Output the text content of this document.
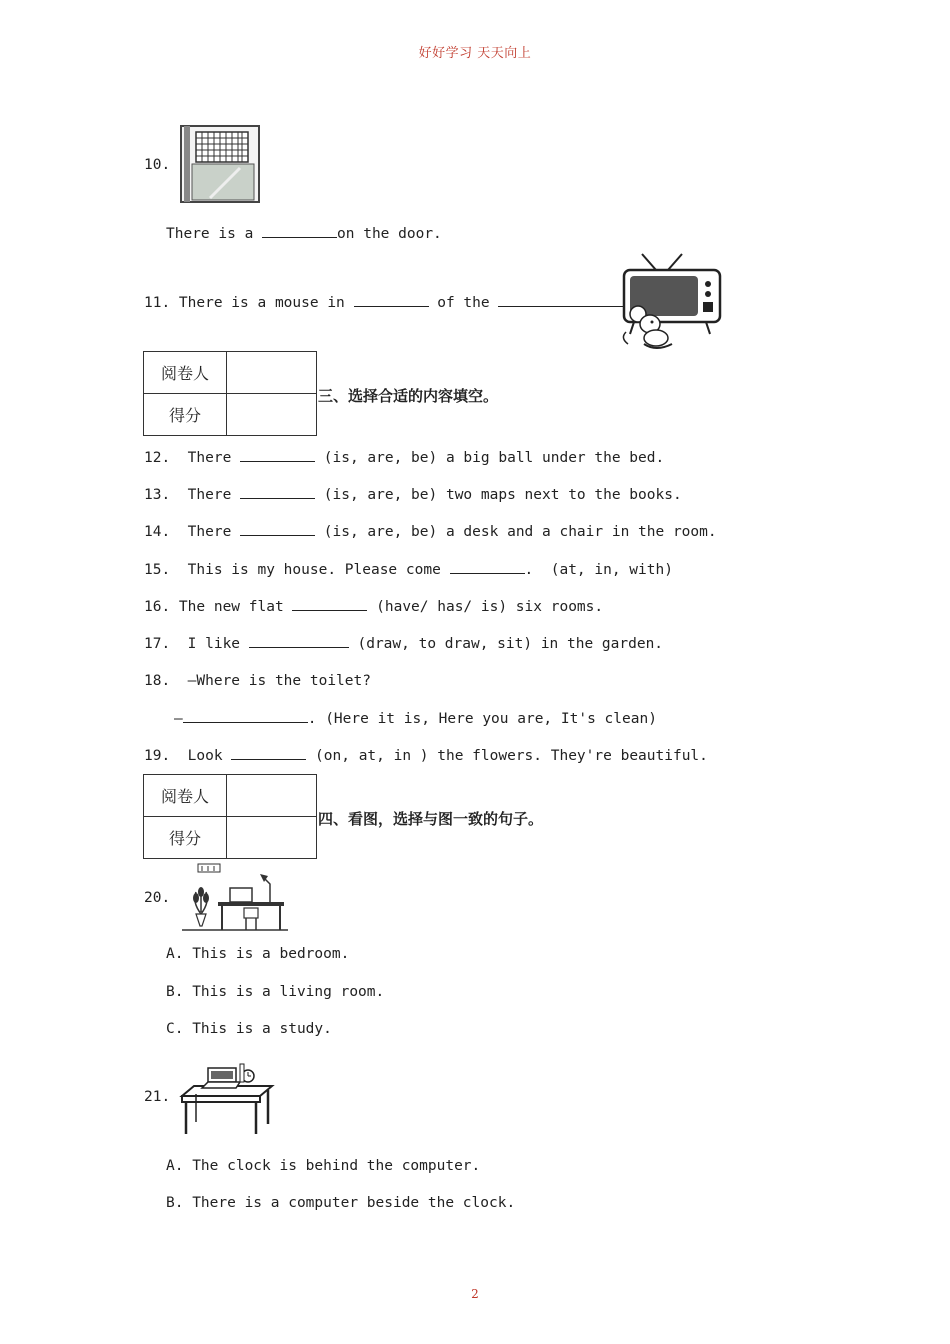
好好学习 天天向上
10.
There is a	on the door.
11. There is a mouse in	of the
阅卷人	
得分	
三、选择合适的内容填空。
12.  There	(is, are, be) a big ball under the bed.
13.  There	(is, are, be) two maps next to the books.
14.  There	(is, are, be) a desk and a chair in the room.
15.  This is my house. Please come	.  (at, in, with)
16. The new flat	(have/ has/ is) six rooms.
17.  I like	(draw, to draw, sit) in the garden.
18.  —Where is the toilet?
—	. (Here it is, Here you are, It's clean)
19.  Look	(on, at, in ) the flowers. They're beautiful.
阅卷人	
得分	
四、看图，选择与图一致的句子。
20.
A. This is a bedroom.
B. This is a living room.
C. This is a study.
21.
A. The clock is behind the computer.
B. There is a computer beside the clock.
2
